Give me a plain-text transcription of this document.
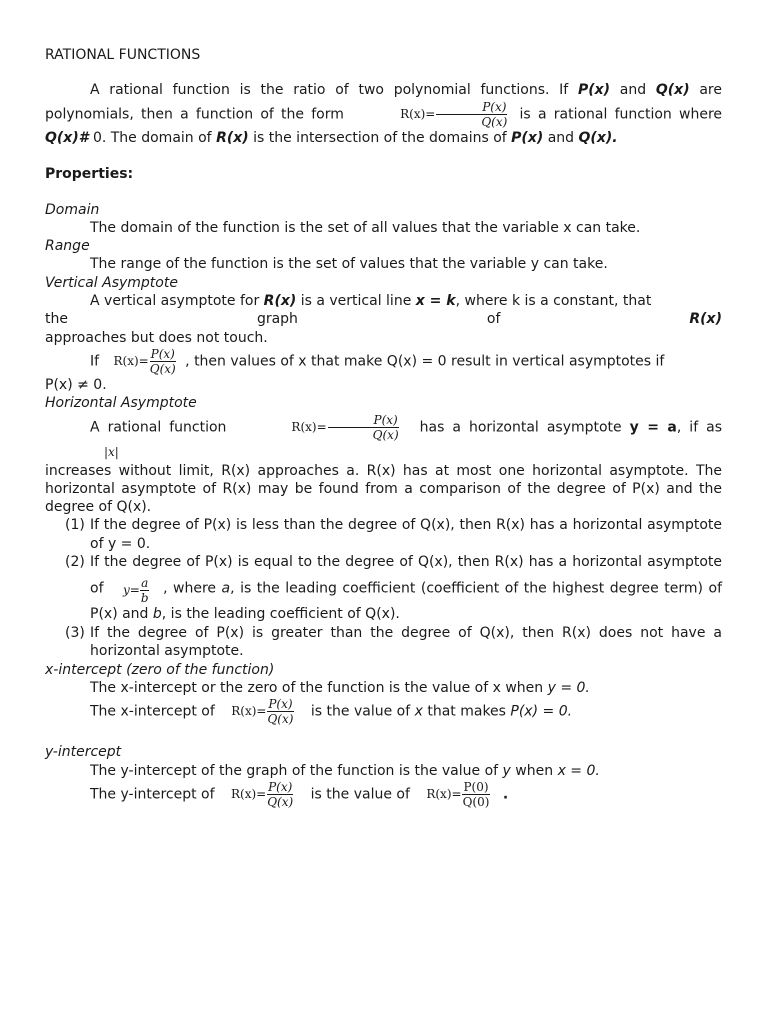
RATIONAL FUNCTIONS

A rational function is the ratio of two polynomial functions. If P(x) and Q(x) are polynomials, then a function of the form	$R(x)= \frac{P(x)}{Q(x)}$ is a rational function where Q(x)# 0. The domain of R(x) is the intersection of the domains of P(x) and Q(x).

Properties:

Domain

The domain of the function is the set of all values that the variable x can take.

Range

The range of the function is the set of values that the variable y can take.

Vertical Asymptote

A vertical asymptote for R(x) is a vertical line x = k, where k is a constant, that

the	graph	of	R(x)

approaches but does not touch.

If $R(x)= \frac{P(x)}{Q(x)}$ , then values of x that make Q(x) = 0 result in vertical asymptotes if

P(x) ≠ 0.

Horizontal Asymptote

A rational function	$R(x)= \frac{P(x)}{Q(x)}$ has a horizontal asymptote y = a, if as |x|

increases without limit, R(x) approaches a. R(x) has at most one horizontal asymptote. The horizontal asymptote of R(x) may be found from a comparison of the degree of P(x) and the degree of Q(x).

(1) If the degree of P(x) is less than the degree of Q(x), then R(x) has a horizontal asymptote of y = 0.
(2) If the degree of P(x) is equal to the degree of Q(x), then R(x) has a horizontal asymptote of $y= \frac{a}{b}$ , where a, is the leading coefficient (coefficient of the highest degree term) of P(x) and b, is the leading coefficient of Q(x).
(3) If the degree of P(x) is greater than the degree of Q(x), then R(x) does not have a horizontal asymptote.

x-intercept (zero of the function)

The x-intercept or the zero of the function is the value of x when y = 0.

The x-intercept of $R(x)= \frac{P(x)}{Q(x)}$ is the value of x that makes P(x) = 0.

y-intercept

The y-intercept of the graph of the function is the value of y when x = 0.

The y-intercept of $R(x)= \frac{P(x)}{Q(x)}$ is the value of $R(x)= \frac{P(0)}{Q(0)}$ .
